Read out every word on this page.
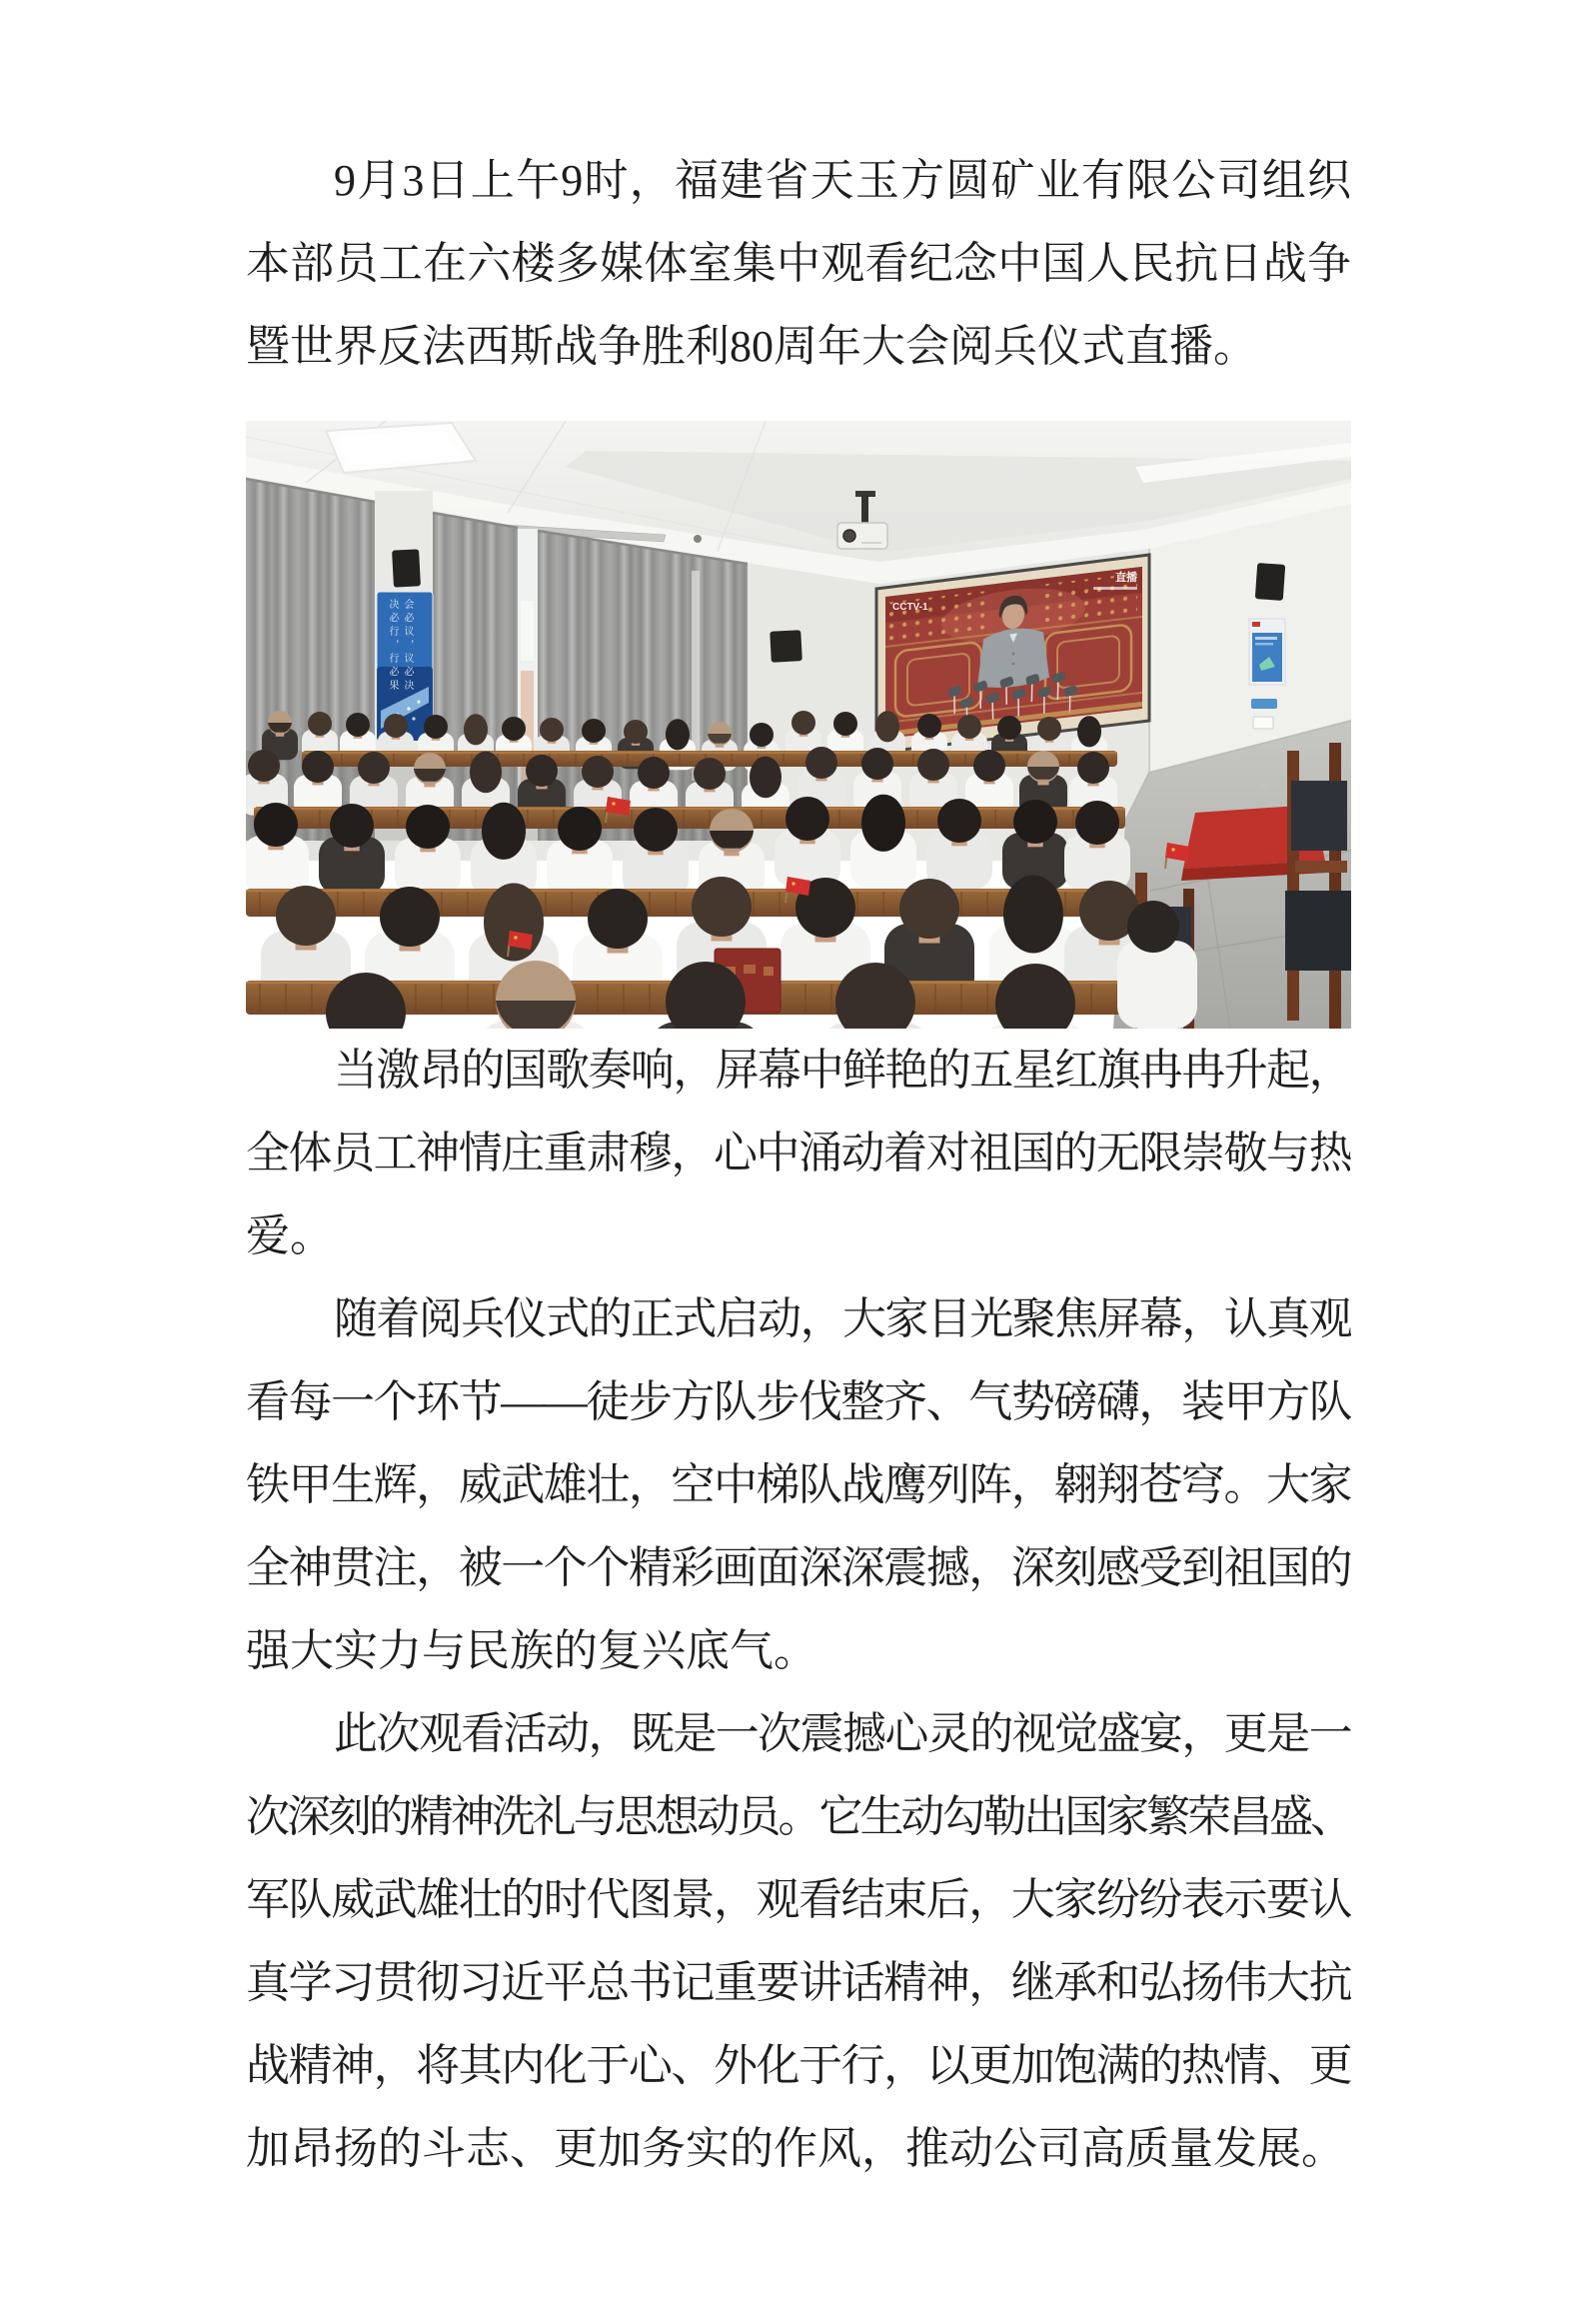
9月3日上午9时，福建省天玉方圆矿业有限公司组织
本部员工在六楼多媒体室集中观看纪念中国人民抗日战争
暨世界反法西斯战争胜利80周年大会阅兵仪式直播。

会必议，议必决
决必行，行必果	CCTV-1
直播

当激昂的国歌奏响，屏幕中鲜艳的五星红旗冉冉升起，
全体员工神情庄重肃穆，心中涌动着对祖国的无限崇敬与热
爱。

随着阅兵仪式的正式启动，大家目光聚焦屏幕，认真观
看每一个环节——徒步方队步伐整齐、气势磅礴，装甲方队
铁甲生辉，威武雄壮，空中梯队战鹰列阵，翱翔苍穹。大家
全神贯注，被一个个精彩画面深深震撼，深刻感受到祖国的
强大实力与民族的复兴底气。

此次观看活动，既是一次震撼心灵的视觉盛宴，更是一
次深刻的精神洗礼与思想动员。它生动勾勒出国家繁荣昌盛、
军队威武雄壮的时代图景，观看结束后，大家纷纷表示要认
真学习贯彻习近平总书记重要讲话精神，继承和弘扬伟大抗
战精神，将其内化于心、外化于行，以更加饱满的热情、更
加昂扬的斗志、更加务实的作风，推动公司高质量发展。
